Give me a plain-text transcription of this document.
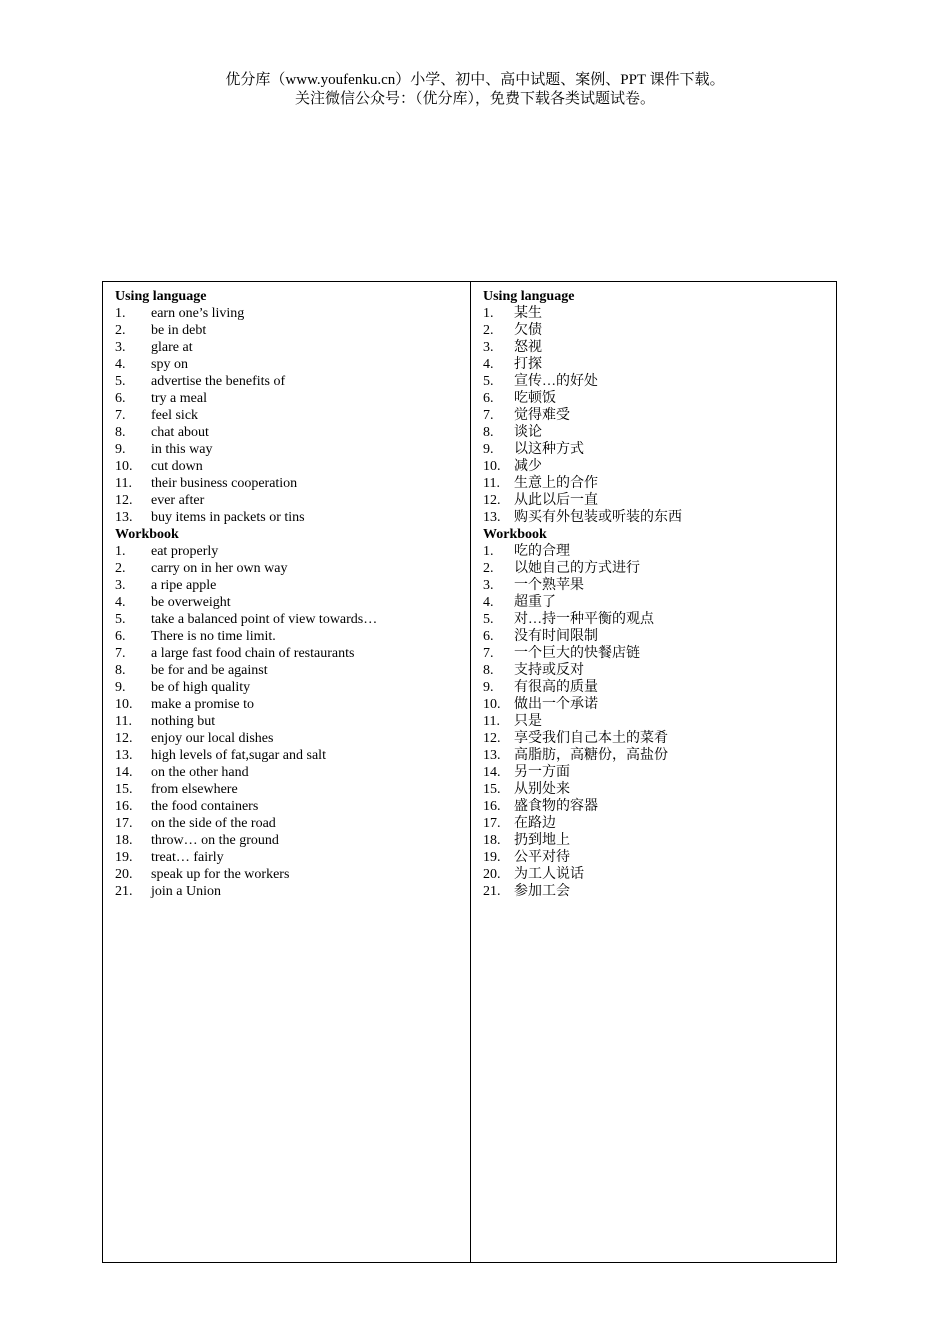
优分库（www.youfenku.cn）小学、初中、高中试题、案例、PPT 课件下载。
关注微信公众号：（优分库），免费下载各类试题试卷。
Using language
1.	earn one’s living
2.	be in debt
3.	glare at
4.	spy on
5.	advertise the benefits of
6.	try a meal
7.	feel sick
8.	chat about
9.	in this way
10.	cut down
11.	their business cooperation
12.	ever after
13.	buy items in packets or tins
Workbook
1.	eat properly
2.	carry on in her own way
3.	a ripe apple
4.	be overweight
5.	take a balanced point of view towards…
6.	There is no time limit.
7.	a large fast food chain of restaurants
8.	be for and be against
9.	be of high quality
10.	make a promise to
11.	nothing but
12.	enjoy our local dishes
13.	high levels of fat,sugar and salt
14.	on the other hand
15.	from elsewhere
16.	the food containers
17.	on the side of the road
18.	throw… on the ground
19.	treat… fairly
20.	speak up for the workers
21.	join a Union
Using language
1.	某生
2.	欠债
3.	怒视
4.	打探
5.	宣传…的好处
6.	吃顿饭
7.	觉得难受
8.	谈论
9.	以这种方式
10. 减少
11.	生意上的合作
12. 从此以后一直
13. 购买有外包装或听装的东西
Workbook
1.	吃的合理
2.	以她自己的方式进行
3.	一个熟苹果
4.	超重了
5.	对…持一种平衡的观点
6.	没有时间限制
7.	一个巨大的快餐店链
8.	支持或反对
9.	有很高的质量
10. 做出一个承诺
11.	只是
12. 享受我们自己本土的菜肴
13. 高脂肪，高糖份，高盐份
14. 另一方面
15. 从别处来
16. 盛食物的容器
17. 在路边
18. 扔到地上
19. 公平对待
20. 为工人说话
21. 参加工会
